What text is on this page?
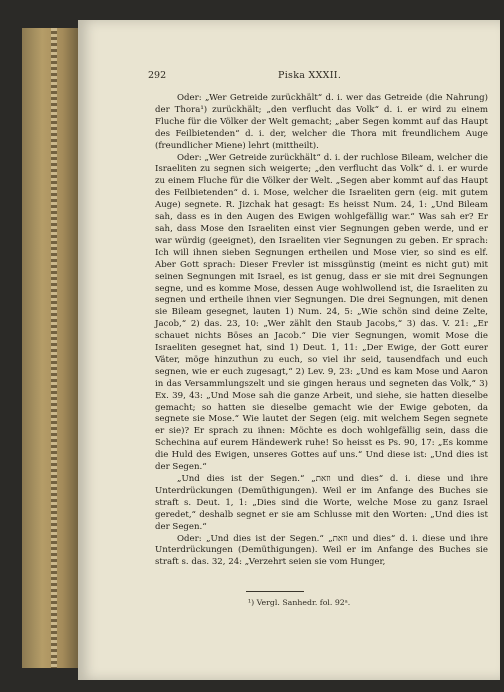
292	Piska XXXII.

Oder: „Wer Getreide zurückhält“ d. i. wer das Getreide (die Nahrung) der Thora¹) zurückhält; „den verflucht das Volk“ d. i. er wird zu einem Fluche für die Völker der Welt gemacht; „aber Segen kommt auf das Haupt des Feilbietenden“ d. i. der, welcher die Thora mit freundlichem Auge (freundlicher Miene) lehrt (mittheilt).

Oder: „Wer Getreide zurückhält“ d. i. der ruchlose Bileam, welcher die Israeliten zu segnen sich weigerte; „den verflucht das Volk“ d. i. er wurde zu einem Fluche für die Völker der Welt. „Segen aber kommt auf das Haupt des Feilbietenden“ d. i. Mose, welcher die Israeliten gern (eig. mit gutem Auge) segnete. R. Jizchak hat gesagt: Es heisst Num. 24, 1: „Und Bileam sah, dass es in den Augen des Ewigen wohlgefällig war.“ Was sah er? Er sah, dass Mose den Israeliten einst vier Segnungen geben werde, und er war würdig (geeignet), den Israeliten vier Segnungen zu geben. Er sprach: Ich will ihnen sieben Segnungen ertheilen und Mose vier, so sind es elf. Aber Gott sprach: Dieser Frevler ist missgünstig (meint es nicht gut) mit seinen Segnungen mit Israel, es ist genug, dass er sie mit drei Segnungen segne, und es komme Mose, dessen Auge wohlwollend ist, die Israeliten zu segnen und ertheile ihnen vier Segnungen. Die drei Segnungen, mit denen sie Bileam gesegnet, lauten 1) Num. 24, 5: „Wie schön sind deine Zelte, Jacob,“ 2) das. 23, 10: „Wer zählt den Staub Jacobs,“ 3) das. V. 21: „Er schauet nichts Böses an Jacob.“ Die vier Segnungen, womit Mose die Israeliten gesegnet hat, sind 1) Deut. 1, 11: „Der Ewige, der Gott eurer Väter, möge hinzuthun zu euch, so viel ihr seid, tausendfach und euch segnen, wie er euch zugesagt,“ 2) Lev. 9, 23: „Und es kam Mose und Aaron in das Versammlungszelt und sie gingen heraus und segneten das Volk,“ 3) Ex. 39, 43: „Und Mose sah die ganze Arbeit, und siehe, sie hatten dieselbe gemacht; so hatten sie dieselbe gemacht wie der Ewige geboten, da segnete sie Mose.“ Wie lautet der Segen (eig. mit welchem Segen segnete er sie)? Er sprach zu ihnen: Möchte es doch wohlgefällig sein, dass die Schechina auf eurem Händewerk ruhe! So heisst es Ps. 90, 17: „Es komme die Huld des Ewigen, unseres Gottes auf uns.“ Und diese ist: „Und dies ist der Segen.“

„Und dies ist der Segen.“ „וזאת und dies“ d. i. diese und ihre Unterdrückungen (Demüthigungen). Weil er im Anfange des Buches sie straft s. Deut. 1, 1: „Dies sind die Worte, welche Mose zu ganz Israel geredet,“ deshalb segnet er sie am Schlusse mit den Worten: „Und dies ist der Segen.“

Oder: „Und dies ist der Segen.“ „וזאת und dies“ d. i. diese und ihre Unterdrückungen (Demüthigungen). Weil er im Anfange des Buches sie straft s. das. 32, 24: „Verzehrt seien sie vom Hunger,

¹) Vergl. Sanhedr. fol. 92ᵃ.
